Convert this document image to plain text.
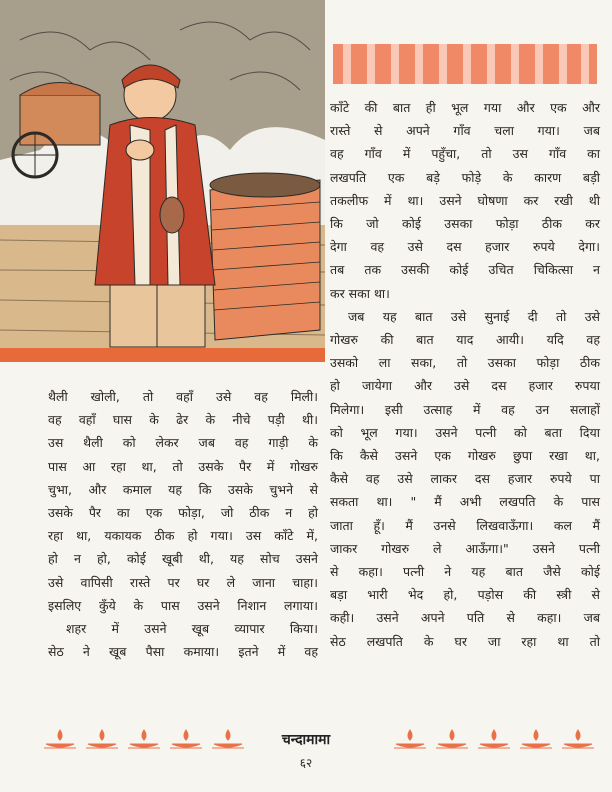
काँटे की बात ही भूल गया और एक और

रास्ते से अपने गाँव चला गया। जब

वह गाँव में पहुँचा, तो उस गाँव का

लखपति एक बड़े फोड़े के कारण बड़ी

तकलीफ में था। उसने घोषणा कर रखी थी

कि जो कोई उसका फोड़ा ठीक कर

देगा वह उसे दस हजार रुपये देगा।

तब तक उसकी कोई उचित चिकित्सा न

कर सका था।

जब यह बात उसे सुनाई दी तो उसे

गोखरु की बात याद आयी। यदि वह

उसको ला सका, तो उसका फोड़ा ठीक

हो जायेगा और उसे दस हजार रुपया

मिलेगा। इसी उत्साह में वह उन सलाहों

को भूल गया। उसने पत्नी को बता दिया

कि कैसे उसने एक गोखरु छुपा रखा था,

कैसे वह उसे लाकर दस हजार रुपये पा

सकता था। " मैं अभी लखपति के पास

जाता हूँ। मैं उनसे लिखवाऊँगा। कल मैं

जाकर गोखरु ले आऊँगा।" उसने पत्नी

से कहा। पत्नी ने यह बात जैसे कोई

बड़ा भारी भेद हो, पड़ोस की स्त्री से

कही। उसने अपने पति से कहा। जब

सेठ लखपति के घर जा रहा था तो

थैली खोली, तो वहाँ उसे वह मिली।

वह वहाँ घास के ढेर के नीचे पड़ी थी।

उस थैली को लेकर जब वह गाड़ी के

पास आ रहा था, तो उसके पैर में गोखरु

चुभा, और कमाल यह कि उसके चुभने से

उसके पैर का एक फोड़ा, जो ठीक न हो

रहा था, यकायक ठीक हो गया। उस काँटे में,

हो न हो, कोई खूबी थी, यह सोच उसने

उसे वापिसी रास्ते पर घर ले जाना चाहा।

इसलिए कुँये के पास उसने निशान लगाया।

शहर में उसने खूब व्यापार किया।

सेठ ने खूब पैसा कमाया। इतने में वह

चन्दामामा
६२
